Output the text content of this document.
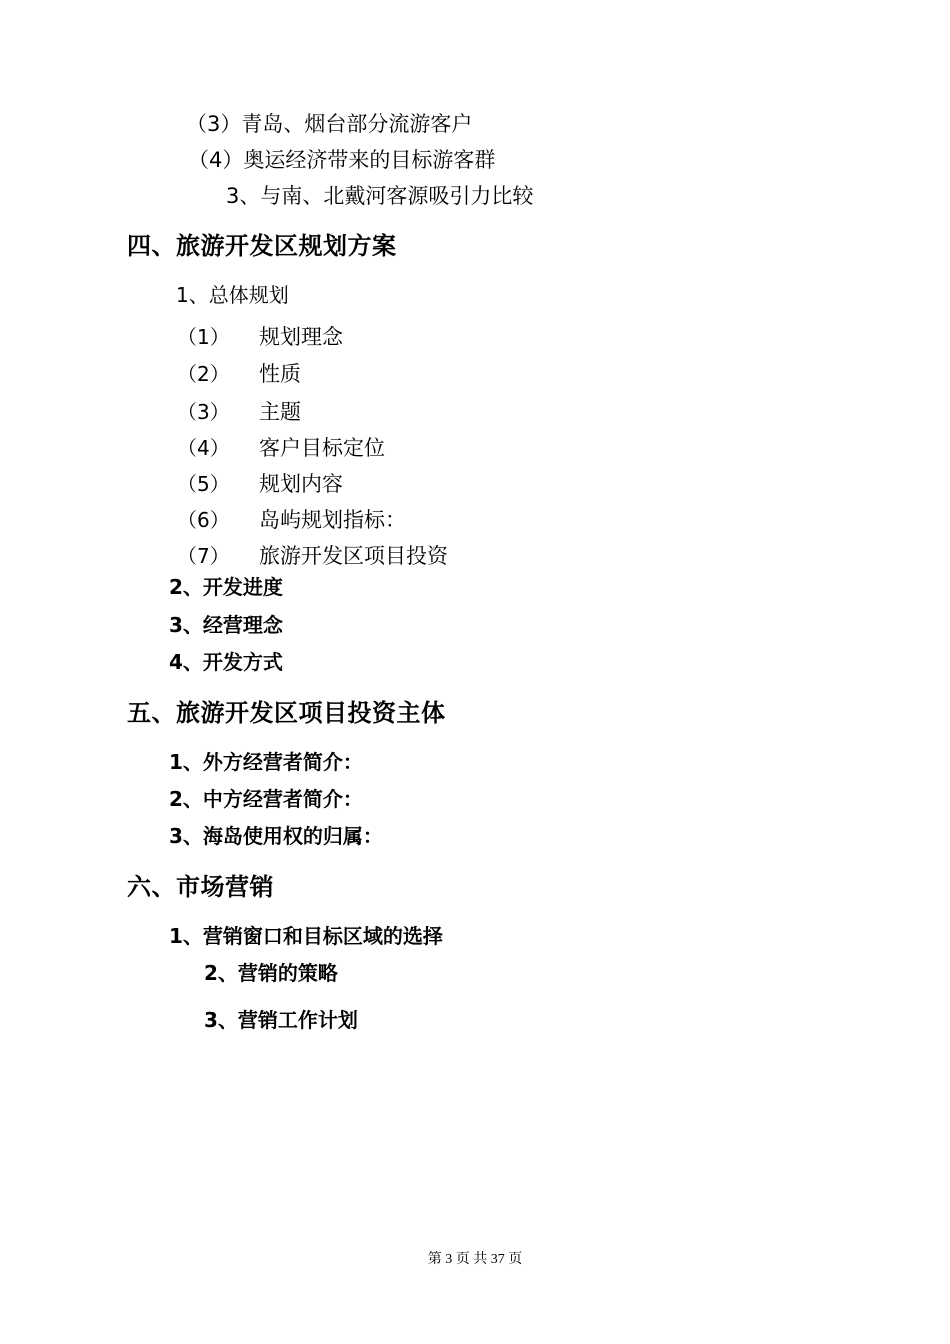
（3）青岛、烟台部分流游客户
（4）奥运经济带来的目标游客群
3、与南、北戴河客源吸引力比较
四、旅游开发区规划方案
1、总体规划
（1） 规划理念
（2） 性质
（3） 主题
（4） 客户目标定位
（5） 规划内容
（6） 岛屿规划指标：
（7） 旅游开发区项目投资
2、开发进度
3、经营理念
4、开发方式
五、旅游开发区项目投资主体
1、外方经营者简介：
2、中方经营者简介：
3、海岛使用权的归属：
六、市场营销
1、营销窗口和目标区域的选择
2、营销的策略
3、营销工作计划
第 3 页 共 37 页
